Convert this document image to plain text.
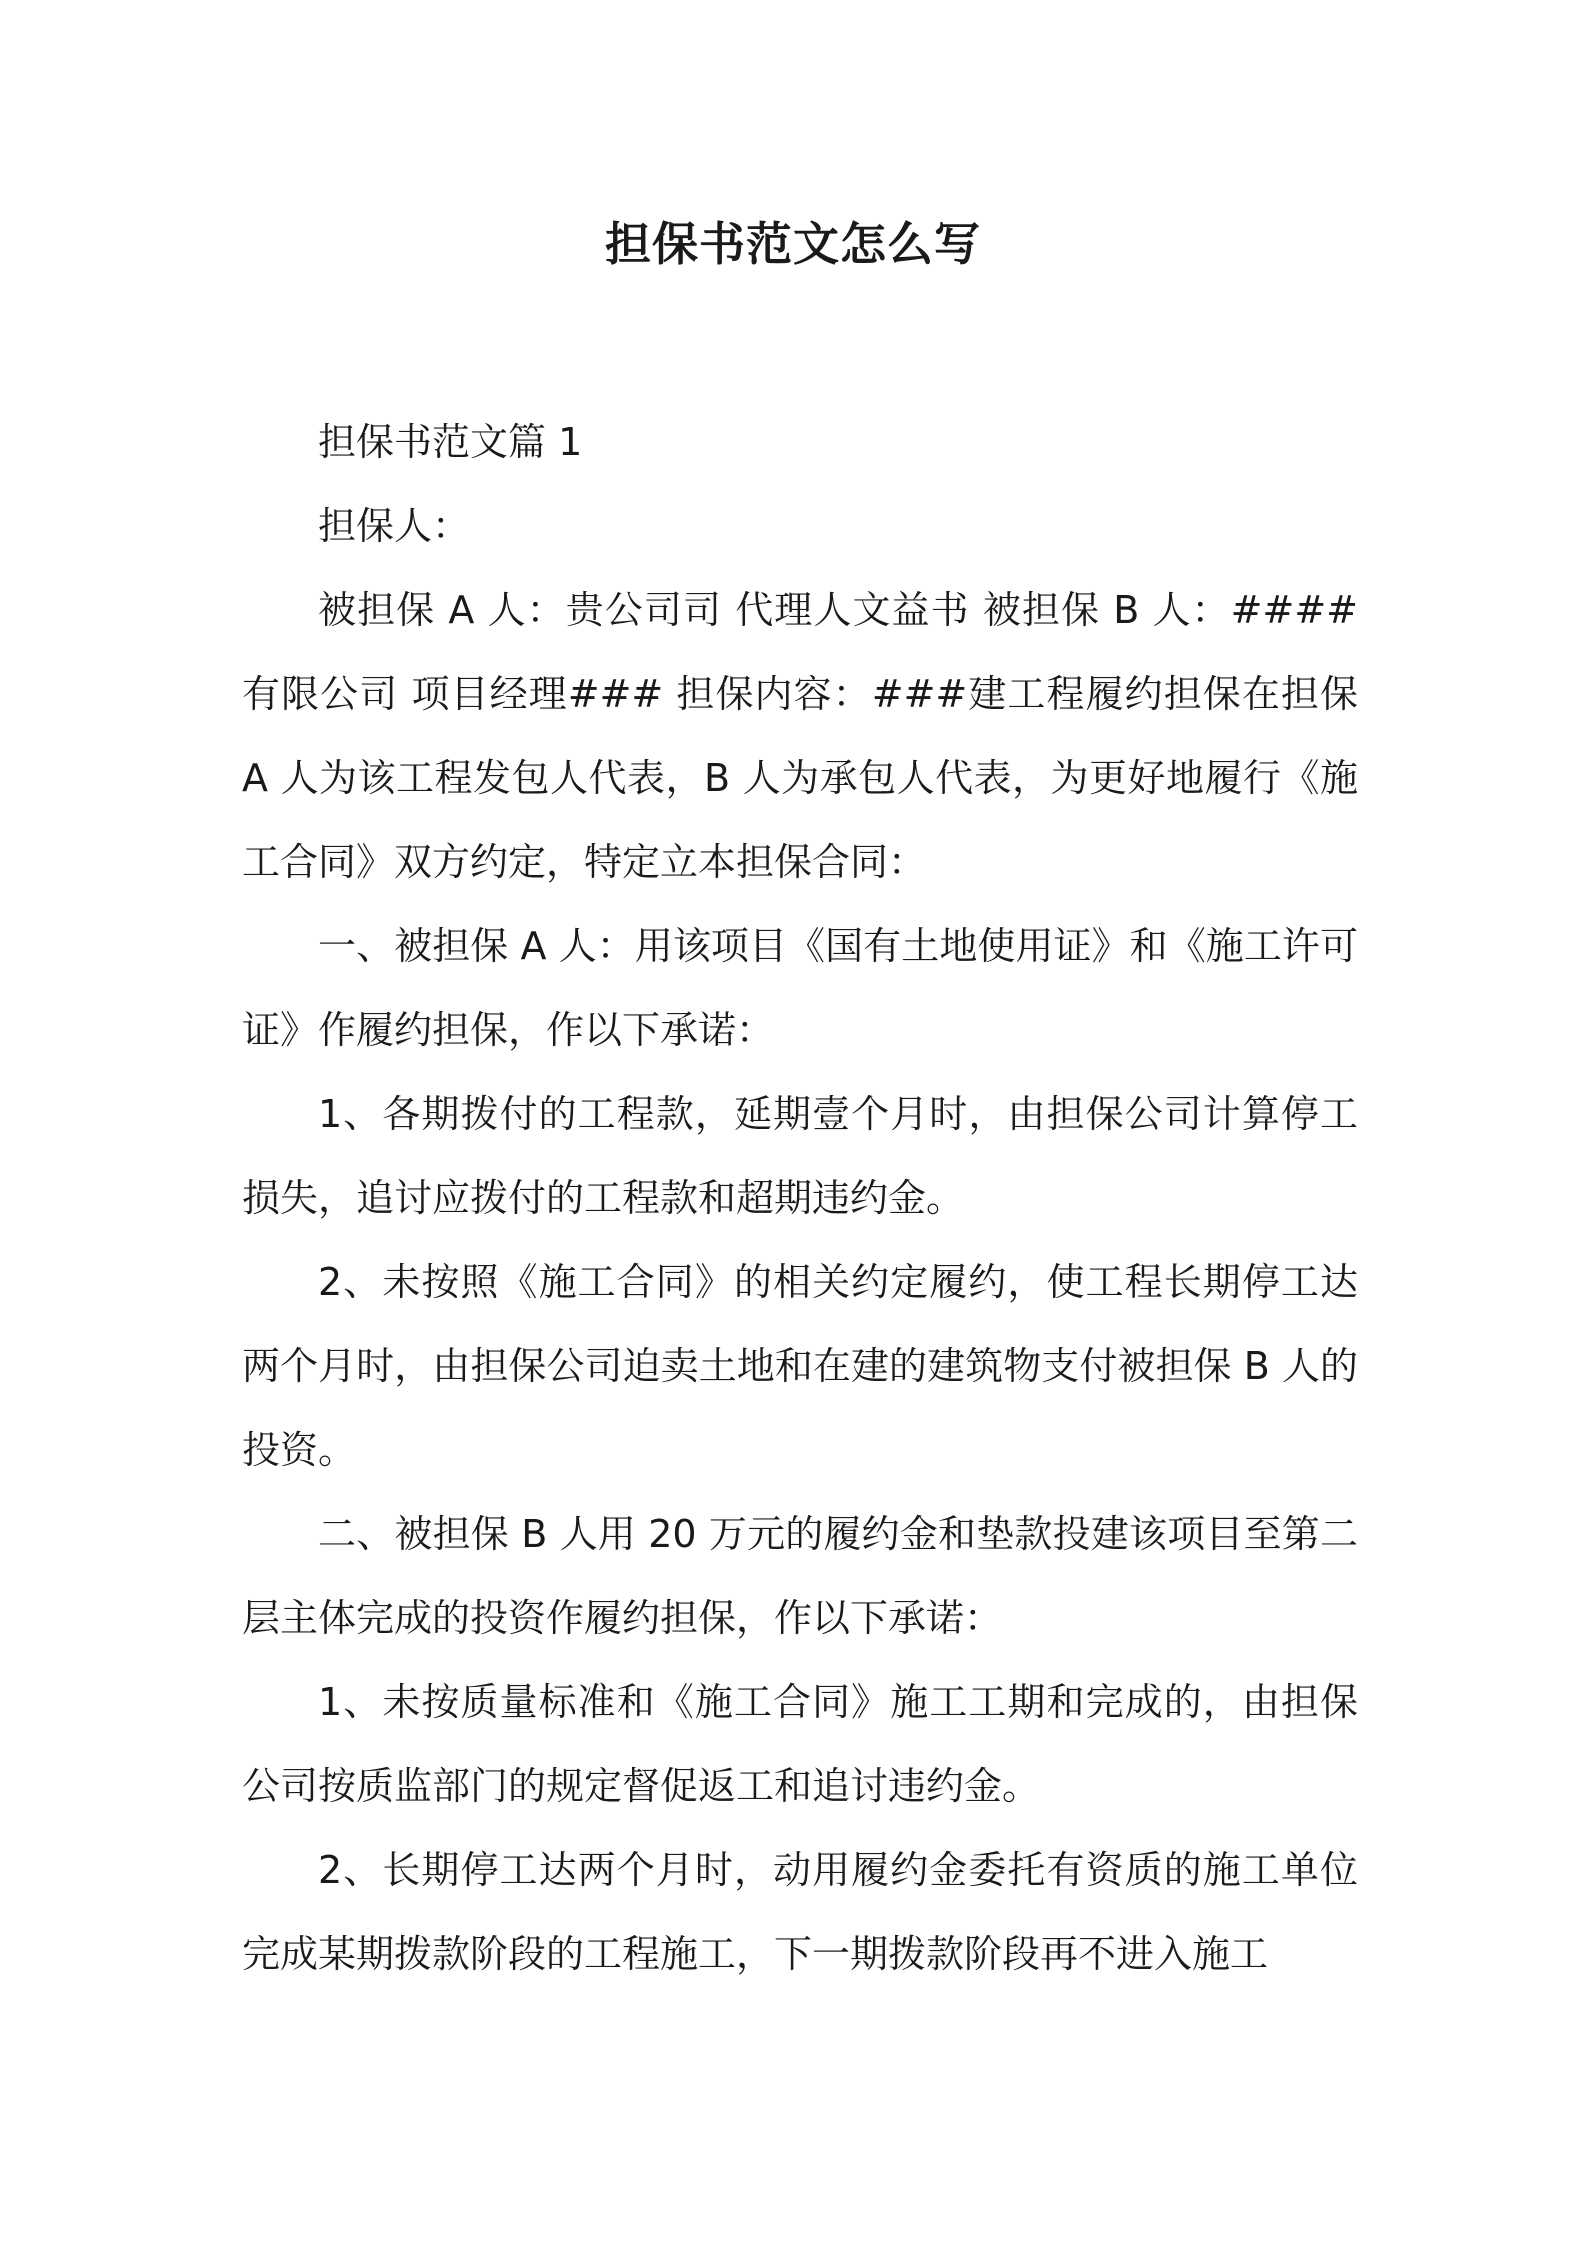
担保书范文怎么写

担保书范文篇 1

担保人：

被担保 A 人：贵公司司 代理人文益书 被担保 B 人：####有限公司 项目经理### 担保内容：###建工程履约担保在担保 A 人为该工程发包人代表，B 人为承包人代表，为更好地履行《施工合同》双方约定，特定立本担保合同：

一、被担保 A 人：用该项目《国有土地使用证》和《施工许可证》作履约担保，作以下承诺：

1、各期拨付的工程款，延期壹个月时，由担保公司计算停工损失，追讨应拨付的工程款和超期违约金。

2、未按照《施工合同》的相关约定履约，使工程长期停工达两个月时，由担保公司迫卖土地和在建的建筑物支付被担保 B 人的投资。

二、被担保 B 人用 20 万元的履约金和垫款投建该项目至第二层主体完成的投资作履约担保，作以下承诺：

1、未按质量标准和《施工合同》施工工期和完成的，由担保公司按质监部门的规定督促返工和追讨违约金。

2、长期停工达两个月时，动用履约金委托有资质的施工单位完成某期拨款阶段的工程施工，下一期拨款阶段再不进入施工
